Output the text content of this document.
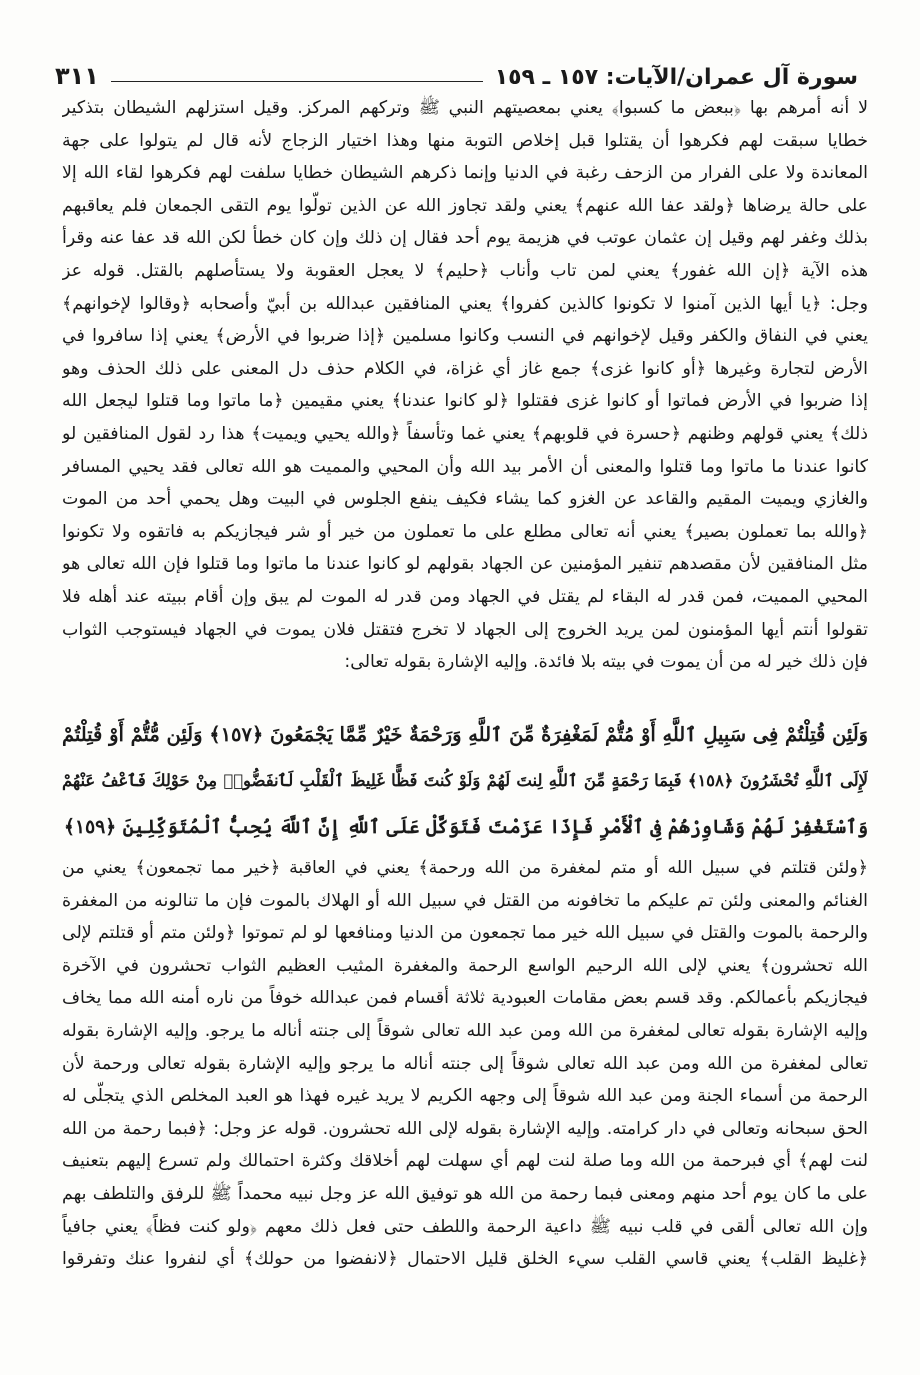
سورة آل عمران/الآيات: ١٥٧ ـ ١٥٩
٣١١
لا أنه أمرهم بها ﴿ببعض ما كسبوا﴾ يعني بمعصيتهم النبي ﷺ وتركهم المركز. وقيل استزلهم الشيطان بتذكير
خطايا سبقت لهم فكرهوا أن يقتلوا قبل إخلاص التوبة منها وهذا اختيار الزجاج لأنه قال لم يتولوا على جهة
المعاندة ولا على الفرار من الزحف رغبة في الدنيا وإنما ذكرهم الشيطان خطايا سلفت لهم فكرهوا لقاء الله إلا
على حالة يرضاها ﴿ولقد عفا الله عنهم﴾ يعني ولقد تجاوز الله عن الذين تولّوا يوم التقى الجمعان فلم يعاقبهم
بذلك وغفر لهم وقيل إن عثمان عوتب في هزيمة يوم أحد فقال إن ذلك وإن كان خطأ لكن الله قد عفا عنه وقرأ
هذه الآية ﴿إن الله غفور﴾ يعني لمن تاب وأناب ﴿حليم﴾ لا يعجل العقوبة ولا يستأصلهم بالقتل. قوله عز
وجل: ﴿يا أيها الذين آمنوا لا تكونوا كالذين كفروا﴾ يعني المنافقين عبدالله بن أبيّ وأصحابه ﴿وقالوا لإخوانهم﴾
يعني في النفاق والكفر وقيل لإخوانهم في النسب وكانوا مسلمين ﴿إذا ضربوا في الأرض﴾ يعني إذا سافروا في
الأرض لتجارة وغيرها ﴿أو كانوا غزى﴾ جمع غاز أي غزاة، في الكلام حذف دل المعنى على ذلك الحذف وهو
إذا ضربوا في الأرض فماتوا أو كانوا غزى فقتلوا ﴿لو كانوا عندنا﴾ يعني مقيمين ﴿ما ماتوا وما قتلوا ليجعل الله
ذلك﴾ يعني قولهم وظنهم ﴿حسرة في قلوبهم﴾ يعني غما وتأسفاً ﴿والله يحيي ويميت﴾ هذا رد لقول المنافقين لو
كانوا عندنا ما ماتوا وما قتلوا والمعنى أن الأمر بيد الله وأن المحيي والمميت هو الله تعالى فقد يحيي المسافر
والغازي ويميت المقيم والقاعد عن الغزو كما يشاء فكيف ينفع الجلوس في البيت وهل يحمي أحد من الموت
﴿والله بما تعملون بصير﴾ يعني أنه تعالى مطلع على ما تعملون من خير أو شر فيجازيكم به فاتقوه ولا تكونوا
مثل المنافقين لأن مقصدهم تنفير المؤمنين عن الجهاد بقولهم لو كانوا عندنا ما ماتوا وما قتلوا فإن الله تعالى هو
المحيي المميت، فمن قدر له البقاء لم يقتل في الجهاد ومن قدر له الموت لم يبق وإن أقام ببيته عند أهله فلا
تقولوا أنتم أيها المؤمنون لمن يريد الخروج إلى الجهاد لا تخرج فتقتل فلان يموت في الجهاد فيستوجب الثواب
فإن ذلك خير له من أن يموت في بيته بلا فائدة. وإليه الإشارة بقوله تعالى:
وَلَئِن قُتِلْتُمْ فِى سَبِيلِ ٱللَّهِ أَوْ مُتُّمْ لَمَغْفِرَةٌ مِّنَ ٱللَّهِ وَرَحْمَةٌ خَيْرٌ مِّمَّا يَجْمَعُونَ ﴿١٥٧﴾ وَلَئِن مُّتُّمْ أَوْ قُتِلْتُمْ
لَإِلَى ٱللَّهِ تُحْشَرُونَ ﴿١٥٨﴾ فَبِمَا رَحْمَةٍ مِّنَ ٱللَّهِ لِنتَ لَهُمْ وَلَوْ كُنتَ فَظًّا غَلِيظَ ٱلْقَلْبِ لَٱنفَضُّوا۟ مِنْ حَوْلِكَ فَٱعْفُ عَنْهُمْ
وَٱسْتَغْفِرْ لَهُمْ وَشَاوِرْهُمْ فِى ٱلْأَمْرِ فَإِذَا عَزَمْتَ فَتَوَكَّلْ عَلَى ٱللَّهِ إِنَّ ٱللَّهَ يُحِبُّ ٱلْمُتَوَكِّلِينَ ﴿١٥٩﴾
﴿ولئن قتلتم في سبيل الله أو متم لمغفرة من الله ورحمة﴾ يعني في العاقبة ﴿خير مما تجمعون﴾ يعني من
الغنائم والمعنى ولئن تم عليكم ما تخافونه من القتل في سبيل الله أو الهلاك بالموت فإن ما تنالونه من المغفرة
والرحمة بالموت والقتل في سبيل الله خير مما تجمعون من الدنيا ومنافعها لو لم تموتوا ﴿ولئن متم أو قتلتم لإلى
الله تحشرون﴾ يعني لإلى الله الرحيم الواسع الرحمة والمغفرة المثيب العظيم الثواب تحشرون في الآخرة
فيجازيكم بأعمالكم. وقد قسم بعض مقامات العبودية ثلاثة أقسام فمن عبدالله خوفاً من ناره أمنه الله مما يخاف
وإليه الإشارة بقوله تعالى لمغفرة من الله ومن عبد الله تعالى شوقاً إلى جنته أناله ما يرجو. وإليه الإشارة بقوله
تعالى لمغفرة من الله ومن عبد الله تعالى شوقاً إلى جنته أناله ما يرجو وإليه الإشارة بقوله تعالى ورحمة لأن
الرحمة من أسماء الجنة ومن عبد الله شوقاً إلى وجهه الكريم لا يريد غيره فهذا هو العبد المخلص الذي يتجلّى له
الحق سبحانه وتعالى في دار كرامته. وإليه الإشارة بقوله لإلى الله تحشرون. قوله عز وجل: ﴿فبما رحمة من الله
لنت لهم﴾ أي فبرحمة من الله وما صلة لنت لهم أي سهلت لهم أخلاقك وكثرة احتمالك ولم تسرع إليهم بتعنيف
على ما كان يوم أحد منهم ومعنى فبما رحمة من الله هو توفيق الله عز وجل نبيه محمداً ﷺ للرفق والتلطف بهم
وإن الله تعالى ألقى في قلب نبيه ﷺ داعية الرحمة واللطف حتى فعل ذلك معهم ﴿ولو كنت فظاً﴾ يعني جافياً
﴿غليظ القلب﴾ يعني قاسي القلب سيء الخلق قليل الاحتمال ﴿لانفضوا من حولك﴾ أي لنفروا عنك وتفرقوا
